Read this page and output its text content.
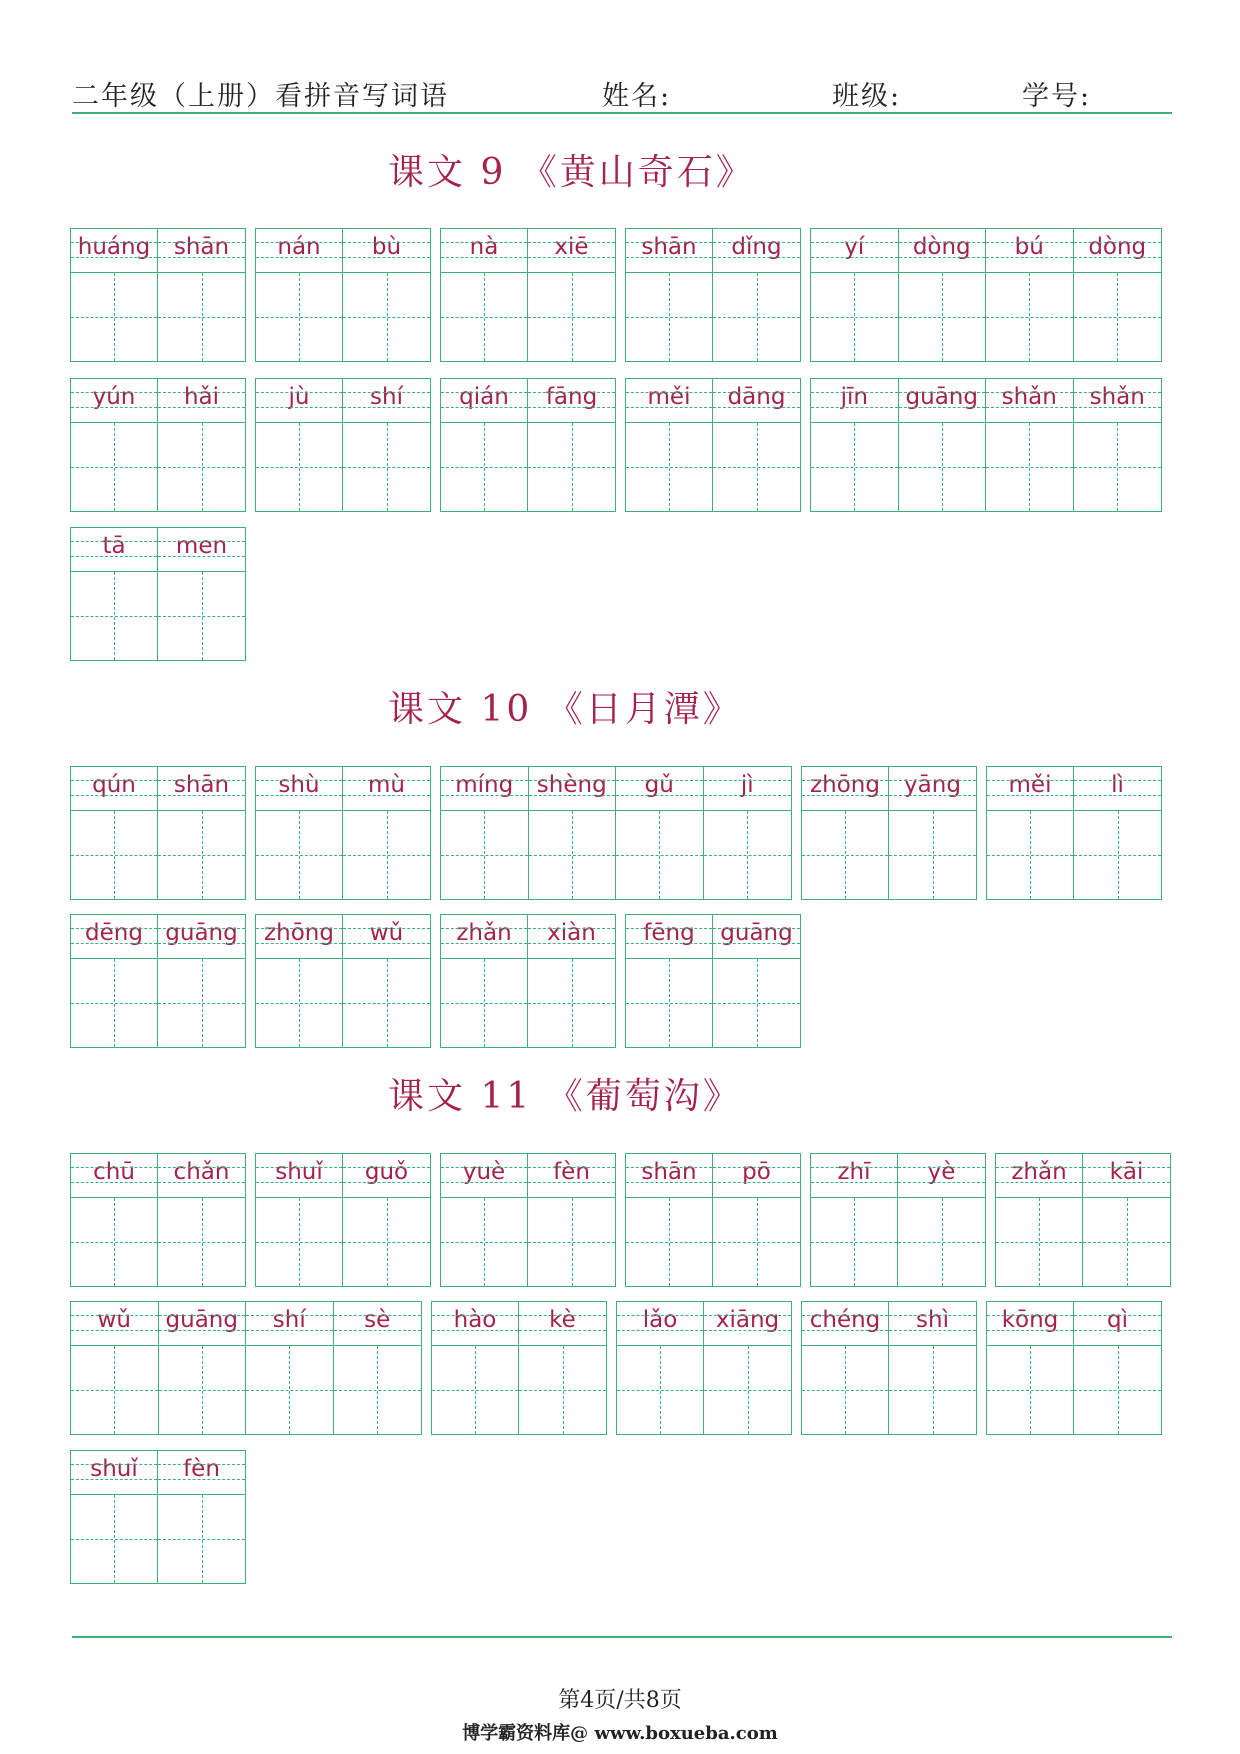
二年级（上册）看拼音写词语	姓名:	班级:	学号:
课文 9 《黄山奇石》
huáng	shān	nán	bù	nà	xiē	shān	dǐng	yí	dòng	bú	dòng
yún	hǎi	jù	shí	qián	fāng	měi	dāng	jīn	guāng	shǎn	shǎn
tā	men
课文 10 《日月潭》
qún	shān	shù	mù	míng	shèng	gǔ	jì	zhōng	yāng	měi	lì
dēng guāng	zhōng	wǔ	zhǎn	xiàn	fēng	guāng
课文 11 《葡萄沟》
chū	chǎn	shuǐ	guǒ	yuè	fèn	shān	pō	zhī	yè	zhǎn	kāi
wǔ	guāng	shí	sè	hào	kè	lǎo	xiāng	chéng	shì	kōng	qì
shuǐ	fèn
第4页/共8页
博学霸资料库@ www.boxueba.com
